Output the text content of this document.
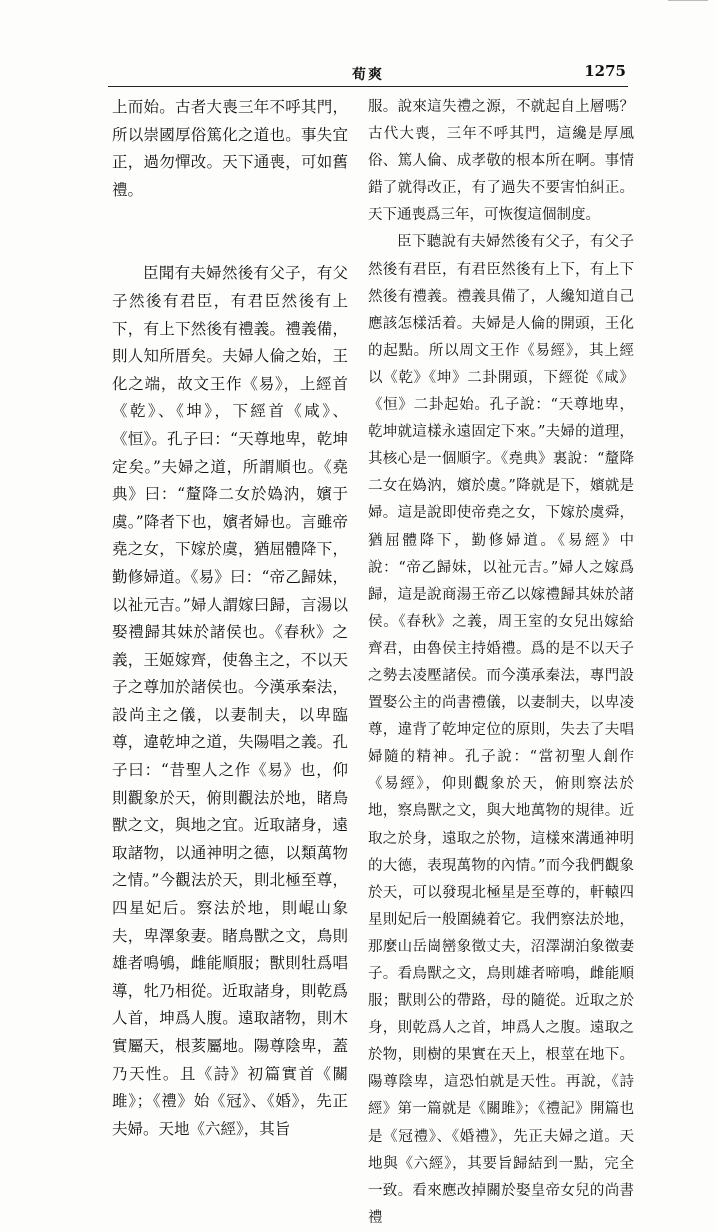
荀爽	1275

上而始。古者大喪三年不呼其門，所以崇國厚俗篤化之道也。事失宜正，過勿憚改。天下通喪，可如舊禮。

臣聞有夫婦然後有父子，有父子然後有君臣，有君臣然後有上下，有上下然後有禮義。禮義備，則人知所厝矣。夫婦人倫之始，王化之端，故文王作《易》，上經首《乾》、《坤》，下經首《咸》、《恒》。孔子曰：“天尊地卑，乾坤定矣。”夫婦之道，所謂順也。《堯典》曰：“釐降二女於媯汭，嬪于虞。”降者下也，嬪者婦也。言雖帝堯之女，下嫁於虞，猶屈體降下，勤修婦道。《易》曰：“帝乙歸妹，以祉元吉。”婦人謂嫁曰歸，言湯以娶禮歸其妹於諸侯也。《春秋》之義，王姬嫁齊，使魯主之，不以天子之尊加於諸侯也。今漢承秦法，設尚主之儀，以妻制夫，以卑臨尊，違乾坤之道，失陽唱之義。孔子曰：“昔聖人之作《易》也，仰則觀象於天，俯則觀法於地，睹鳥獸之文，與地之宜。近取諸身，遠取諸物，以通神明之德，以類萬物之情。”今觀法於天，則北極至尊，四星妃后。察法於地，則崐山象夫，卑澤象妻。睹鳥獸之文，鳥則雄者鳴鴝，雌能順服；獸則牡爲唱導，牝乃相從。近取諸身，則乾爲人首，坤爲人腹。遠取諸物，則木實屬天，根荄屬地。陽尊陰卑，蓋乃天性。且《詩》初篇實首《關雎》；《禮》始《冠》、《婚》，先正夫婦。天地《六經》，其旨

服。說來這失禮之源，不就起自上層嗎？古代大喪，三年不呼其門，這纔是厚風俗、篤人倫、成孝敬的根本所在啊。事情錯了就得改正，有了過失不要害怕糾正。天下通喪爲三年，可恢復這個制度。

臣下聽說有夫婦然後有父子，有父子然後有君臣，有君臣然後有上下，有上下然後有禮義。禮義具備了，人纔知道自己應該怎樣活着。夫婦是人倫的開頭，王化的起點。所以周文王作《易經》，其上經以《乾》《坤》二卦開頭，下經從《咸》《恒》二卦起始。孔子說：“天尊地卑，乾坤就這樣永遠固定下來。”夫婦的道理，其核心是一個順字。《堯典》裏說：“釐降二女在媯汭，嬪於虞。”降就是下，嬪就是婦。這是說即使帝堯之女，下嫁於虞舜，猶屈體降下，勤修婦道。《易經》中說：“帝乙歸妹，以祉元吉。”婦人之嫁爲歸，這是說商湯王帝乙以嫁禮歸其妹於諸侯。《春秋》之義，周王室的女兒出嫁給齊君，由魯侯主持婚禮。爲的是不以天子之勢去凌壓諸侯。而今漢承秦法，專門設置娶公主的尚書禮儀，以妻制夫，以卑凌尊，違背了乾坤定位的原則，失去了夫唱婦隨的精神。孔子說：“當初聖人創作《易經》，仰則觀象於天，俯則察法於地，察鳥獸之文，與大地萬物的規律。近取之於身，遠取之於物，這樣來溝通神明的大德，表現萬物的內情。”而今我們觀象於天，可以發現北極星是至尊的，軒轅四星則妃后一般圍繞着它。我們察法於地，那麼山岳崗巒象徵丈夫，沼澤湖泊象徵妻子。看鳥獸之文，鳥則雄者啼鳴，雌能順服；獸則公的帶路，母的隨從。近取之於身，則乾爲人之首，坤爲人之腹。遠取之於物，則樹的果實在天上，根莖在地下。陽尊陰卑，這恐怕就是天性。再說，《詩經》第一篇就是《關雎》；《禮記》開篇也是《冠禮》、《婚禮》，先正夫婦之道。天地與《六經》，其要旨歸結到一點，完全一致。看來應改掉關於娶皇帝女兒的尚書禮
